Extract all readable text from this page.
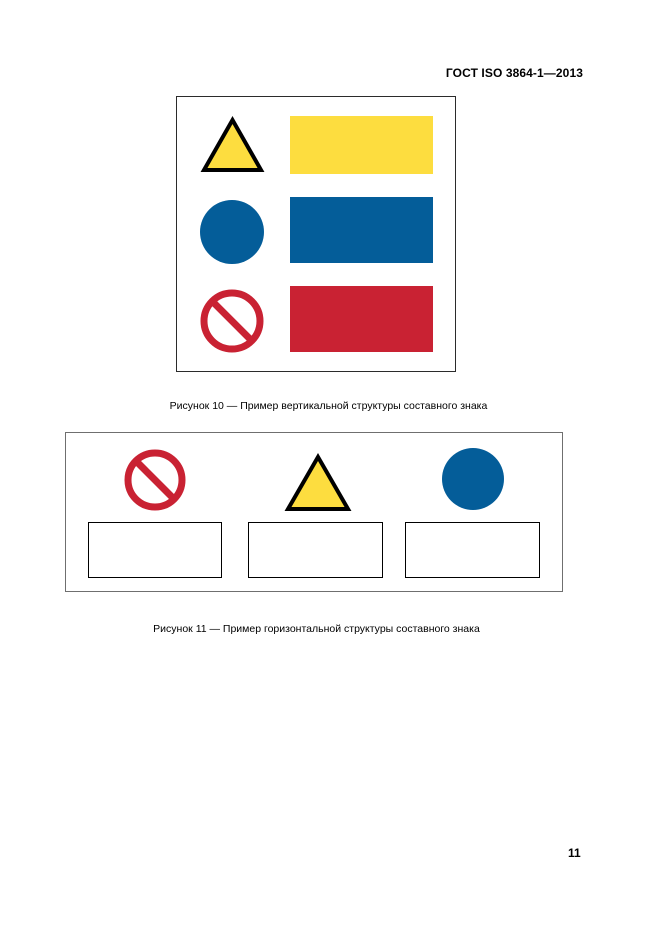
ГОСТ ISO 3864-1—2013
Рисунок 10 — Пример вертикальной структуры составного знака
Рисунок 11 — Пример горизонтальной структуры составного знака
11
